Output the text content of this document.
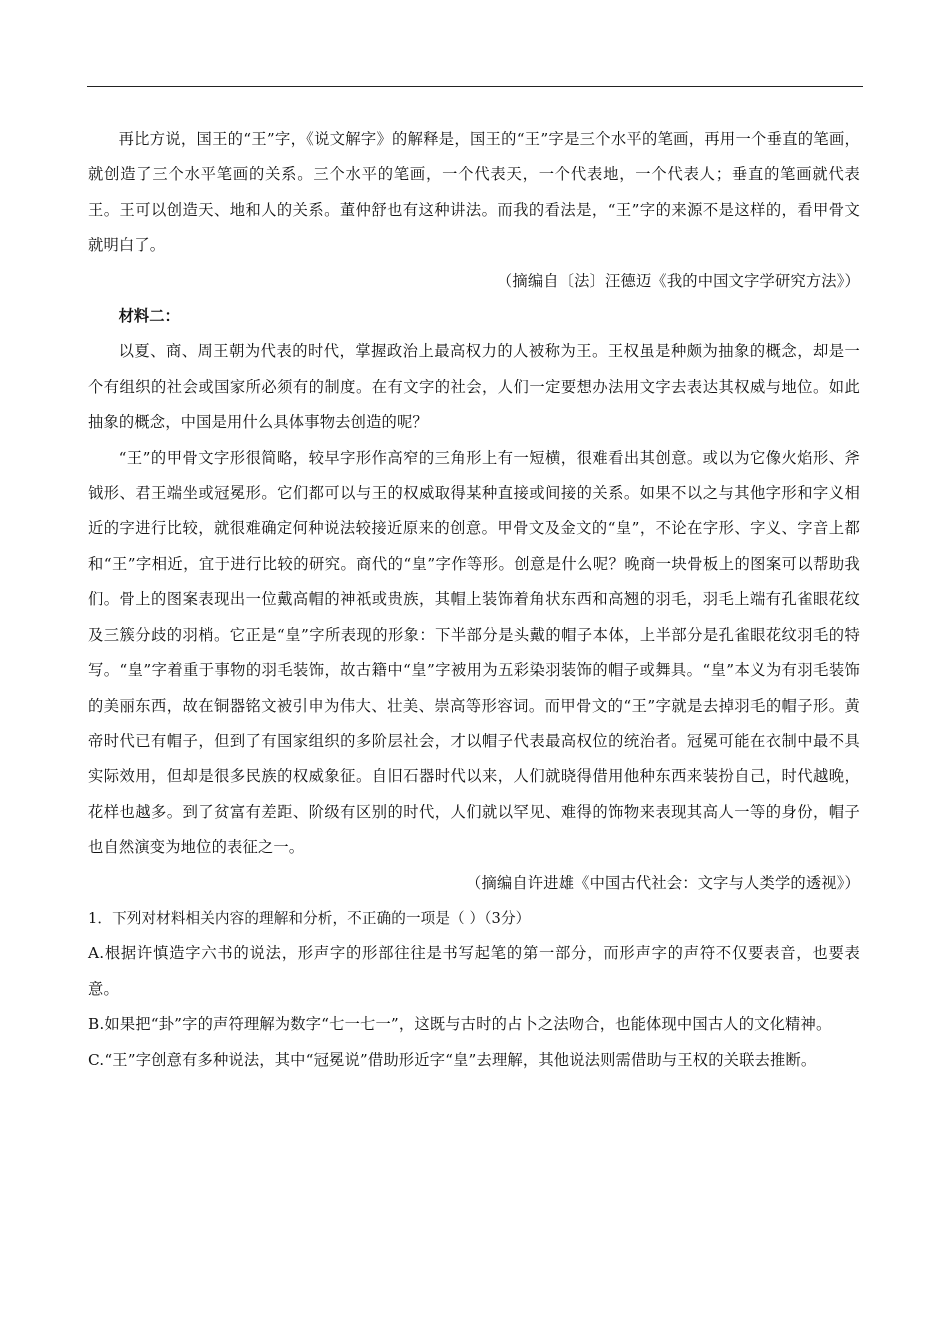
再比方说，国王的“王”字，《说文解字》的解释是，国王的“王”字是三个水平的笔画，再用一个垂直的笔画，就创造了三个水平笔画的关系。三个水平的笔画，一个代表天，一个代表地，一个代表人；垂直的笔画就代表王。王可以创造天、地和人的关系。董仲舒也有这种讲法。而我的看法是，“王”字的来源不是这样的，看甲骨文就明白了。

（摘编自〔法〕汪德迈《我的中国文字学研究方法》）

材料二：

以夏、商、周王朝为代表的时代，掌握政治上最高权力的人被称为王。王权虽是种颇为抽象的概念，却是一个有组织的社会或国家所必须有的制度。在有文字的社会，人们一定要想办法用文字去表达其权威与地位。如此抽象的概念，中国是用什么具体事物去创造的呢？

“王”的甲骨文字形很简略，较早字形作高窄的三角形上有一短横，很难看出其创意。或以为它像火焰形、斧钺形、君王端坐或冠冕形。它们都可以与王的权威取得某种直接或间接的关系。如果不以之与其他字形和字义相近的字进行比较，就很难确定何种说法较接近原来的创意。甲骨文及金文的“皇”，不论在字形、字义、字音上都和“王”字相近，宜于进行比较的研究。商代的“皇”字作等形。创意是什么呢？晚商一块骨板上的图案可以帮助我们。骨上的图案表现出一位戴高帽的神祇或贵族，其帽上装饰着角状东西和高翘的羽毛，羽毛上端有孔雀眼花纹及三簇分歧的羽梢。它正是“皇”字所表现的形象：下半部分是头戴的帽子本体，上半部分是孔雀眼花纹羽毛的特写。“皇”字着重于事物的羽毛装饰，故古籍中“皇”字被用为五彩染羽装饰的帽子或舞具。“皇”本义为有羽毛装饰的美丽东西，故在铜器铭文被引申为伟大、壮美、崇高等形容词。而甲骨文的“王”字就是去掉羽毛的帽子形。黄帝时代已有帽子，但到了有国家组织的多阶层社会，才以帽子代表最高权位的统治者。冠冕可能在衣制中最不具实际效用，但却是很多民族的权威象征。自旧石器时代以来，人们就晓得借用他种东西来装扮自己，时代越晚，花样也越多。到了贫富有差距、阶级有区别的时代，人们就以罕见、难得的饰物来表现其高人一等的身份，帽子也自然演变为地位的表征之一。

（摘编自许进雄《中国古代社会：文字与人类学的透视》）

1．下列对材料相关内容的理解和分析，不正确的一项是（ ）（3分）

A.根据许慎造字六书的说法，形声字的形部往往是书写起笔的第一部分，而形声字的声符不仅要表音，也要表意。

B.如果把“卦”字的声符理解为数字“七一七一”，这既与古时的占卜之法吻合，也能体现中国古人的文化精神。

C.“王”字创意有多种说法，其中“冠冕说”借助形近字“皇”去理解，其他说法则需借助与王权的关联去推断。
